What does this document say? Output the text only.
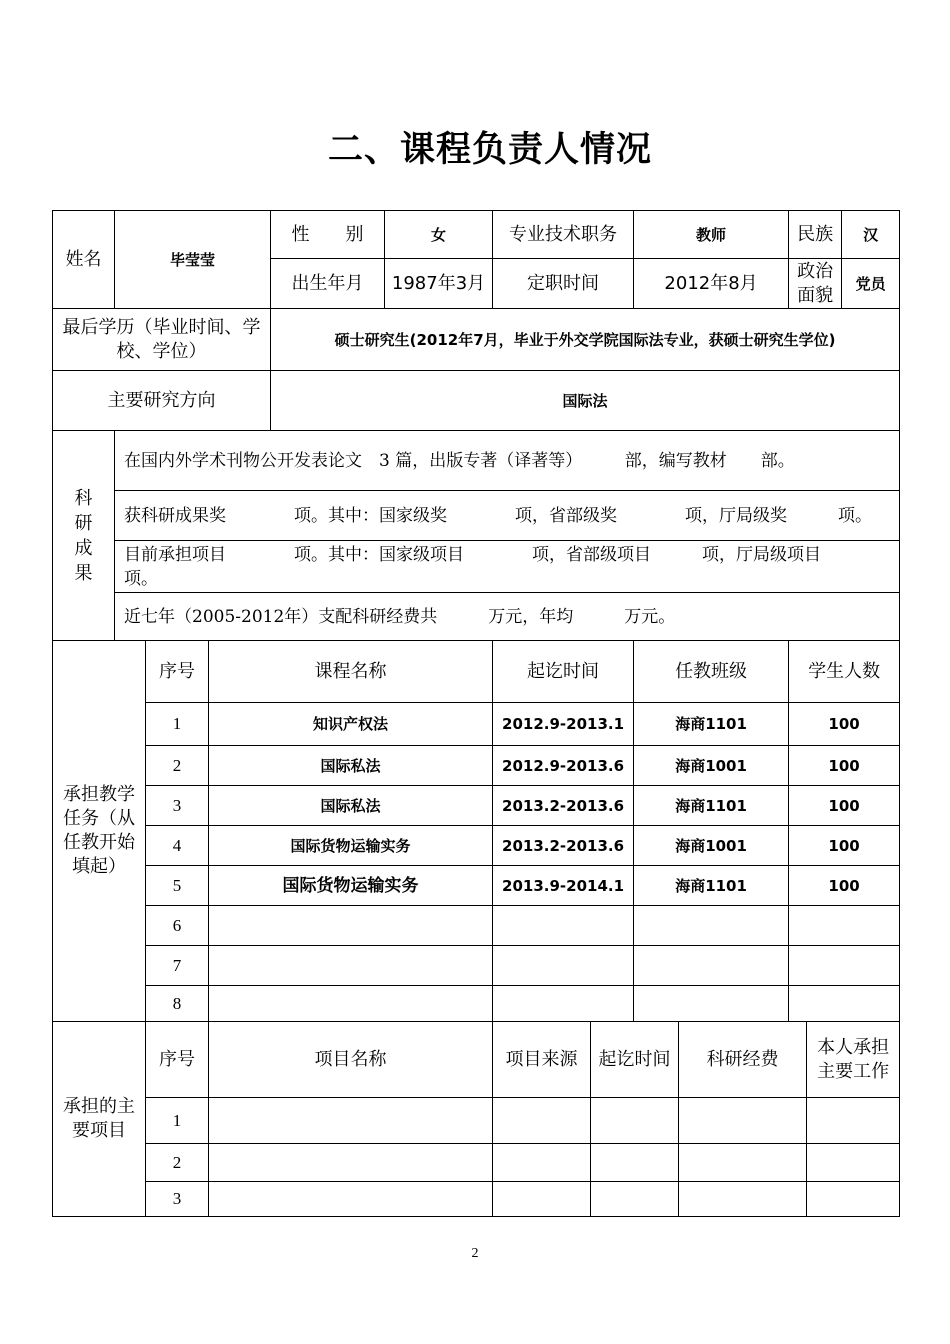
二、课程负责人情况
姓名	毕莹莹			性　　别	女	专业技术职务		教师		民族		汉
				出生年月	1987年3月	定职时间		2012年8月		政治面貌		党员
最后学历（毕业时间、学校、学位）				硕士研究生(2012年7月，毕业于外交学院国际法专业，获硕士研究生学位)								
主要研究方向				国际法								

科研成果	在国内外学术刊物公开发表论文　3 篇，出版专著（译著等）　　　部，编写教材　　部。											
	获科研成果奖　　　　项。其中：国家级奖　　　　项，省部级奖　　　　项，厅局级奖　　　项。											
	目前承担项目　　　　项。其中：国家级项目　　　　项，省部级项目　　　项，厅局级项目　　　项。											
	近七年（2005-2012年）支配科研经费共　　　万元，年均　　　万元。											
承担教学任务（从任教开始填起）		序号	课程名称			起讫时间		任教班级		学生人数		
		1	知识产权法			2012.9-2013.1		海商1101		100		
		2	国际私法			2012.9-2013.6		海商1001		100		
		3	国际私法			2013.2-2013.6		海商1101		100		
		4	国际货物运输实务			2013.2-2013.6		海商1001		100		
		5	国际货物运输实务			2013.9-2014.1		海商1101		100		
		6										
		7										
		8										
承担的主要项目		序号	项目名称			项目来源	起讫时间		科研经费		本人承担主要工作	
		1										
		2										
		3										
2
